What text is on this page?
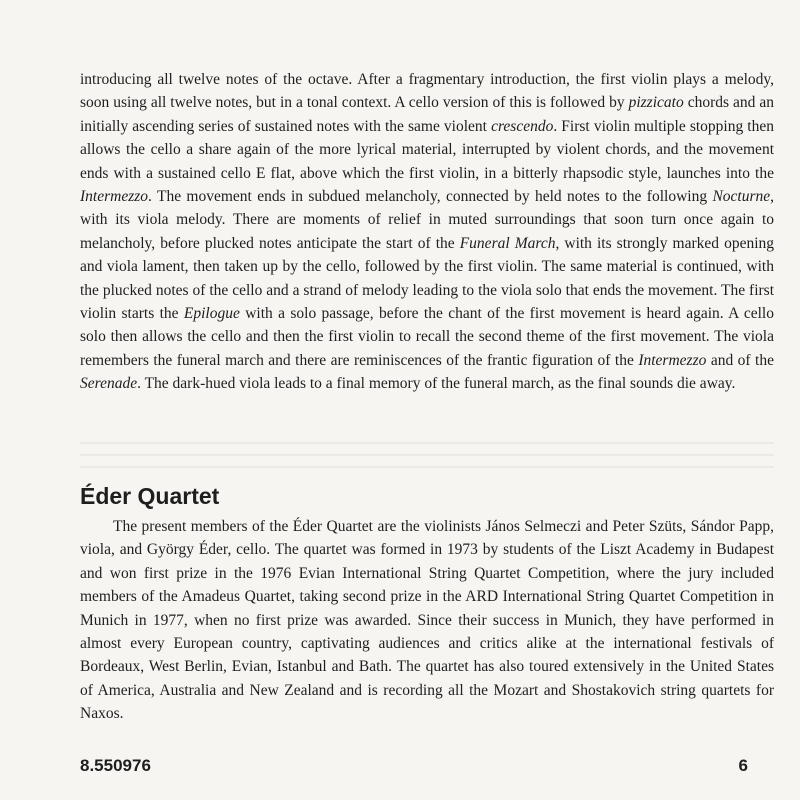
introducing all twelve notes of the octave. After a fragmentary introduction, the first violin plays a melody, soon using all twelve notes, but in a tonal context. A cello version of this is followed by pizzicato chords and an initially ascending series of sustained notes with the same violent crescendo. First violin multiple stopping then allows the cello a share again of the more lyrical material, interrupted by violent chords, and the movement ends with a sustained cello E flat, above which the first violin, in a bitterly rhapsodic style, launches into the Intermezzo. The movement ends in subdued melancholy, connected by held notes to the following Nocturne, with its viola melody. There are moments of relief in muted surroundings that soon turn once again to melancholy, before plucked notes anticipate the start of the Funeral March, with its strongly marked opening and viola lament, then taken up by the cello, followed by the first violin. The same material is continued, with the plucked notes of the cello and a strand of melody leading to the viola solo that ends the movement. The first violin starts the Epilogue with a solo passage, before the chant of the first movement is heard again. A cello solo then allows the cello and then the first violin to recall the second theme of the first movement. The viola remembers the funeral march and there are reminiscences of the frantic figuration of the Intermezzo and of the Serenade. The dark-hued viola leads to a final memory of the funeral march, as the final sounds die away.

Éder Quartet

The present members of the Éder Quartet are the violinists János Selmeczi and Peter Szüts, Sándor Papp, viola, and György Éder, cello. The quartet was formed in 1973 by students of the Liszt Academy in Budapest and won first prize in the 1976 Evian International String Quartet Competition, where the jury included members of the Amadeus Quartet, taking second prize in the ARD International String Quartet Competition in Munich in 1977, when no first prize was awarded. Since their success in Munich, they have performed in almost every European country, captivating audiences and critics alike at the international festivals of Bordeaux, West Berlin, Evian, Istanbul and Bath. The quartet has also toured extensively in the United States of America, Australia and New Zealand and is recording all the Mozart and Shostakovich string quartets for Naxos.

8.550976	6
